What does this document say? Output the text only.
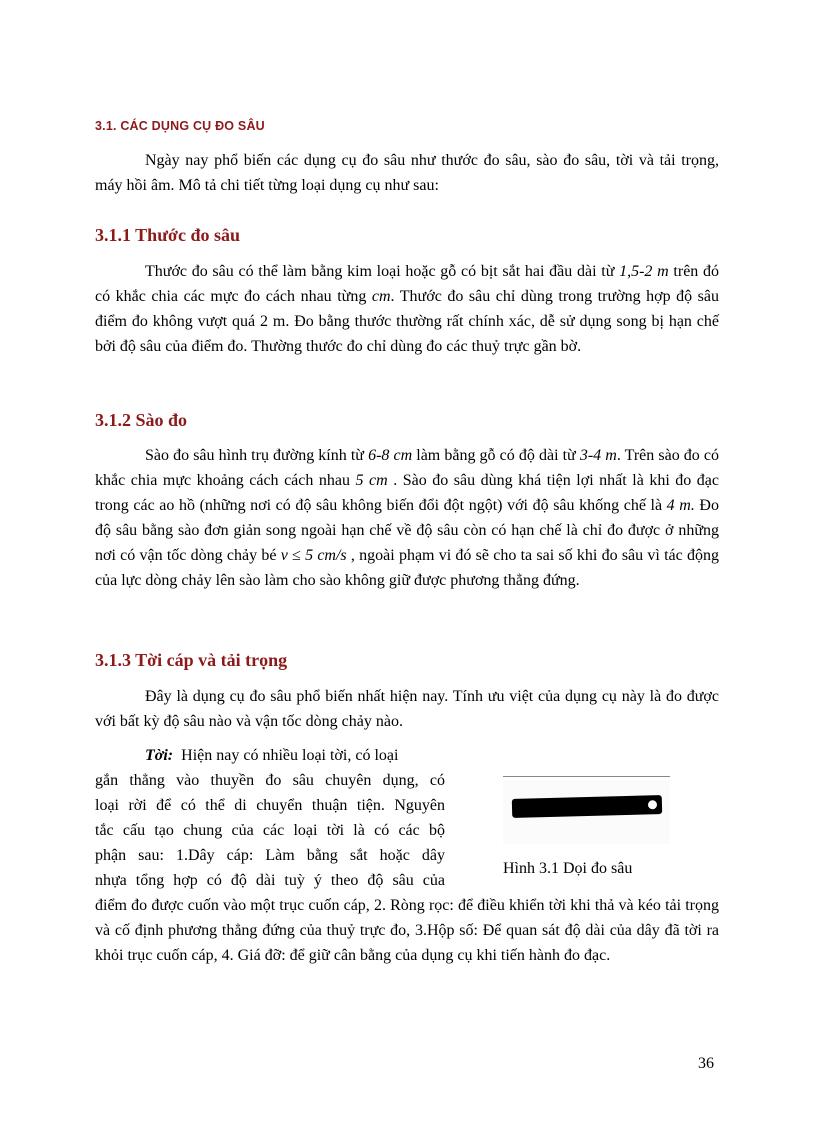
3.1. CÁC DỤNG CỤ ĐO SÂU

Ngày nay phổ biến các dụng cụ đo sâu như thước đo sâu, sào đo sâu, tời và tải trọng, máy hồi âm. Mô tả chi tiết từng loại dụng cụ như sau:

3.1.1 Thước đo sâu

Thước đo sâu có thể làm bằng kim loại hoặc gỗ có bịt sắt hai đầu dài từ 1,5-2 m trên đó có khắc chia các mực đo cách nhau từng cm. Thước đo sâu chỉ dùng trong trường hợp độ sâu điểm đo không vượt quá 2 m. Đo bằng thước thường rất chính xác, dễ sử dụng song bị hạn chế bởi độ sâu của điểm đo. Thường thước đo chỉ dùng đo các thuỷ trực gần bờ.

3.1.2 Sào đo

Sào đo sâu hình trụ đường kính từ 6-8 cm làm bằng gỗ có độ dài từ 3-4 m. Trên sào đo có khắc chia mực khoảng cách cách nhau 5 cm . Sào đo sâu dùng khá tiện lợi nhất là khi đo đạc trong các ao hồ (những nơi có độ sâu không biến đổi đột ngột) với độ sâu khống chế là 4 m. Đo độ sâu bằng sào đơn giản song ngoài hạn chế về độ sâu còn có hạn chế là chỉ đo được ở những nơi có vận tốc dòng chảy bé v ≤ 5 cm/s , ngoài phạm vi đó sẽ cho ta sai số khi đo sâu vì tác động của lực dòng chảy lên sào làm cho sào không giữ được phương thẳng đứng.

3.1.3 Tời cáp và tải trọng

Đây là dụng cụ đo sâu phổ biến nhất hiện nay. Tính ưu việt của dụng cụ này là đo được với bất kỳ độ sâu nào và vận tốc dòng chảy nào.

Tời: Hiện nay có nhiều loại tời, có loại
gắn thẳng vào thuyền đo sâu chuyên dụng, có
loại rời để có thể di chuyển thuận tiện. Nguyên
tắc cấu tạo chung của các loại tời là có các bộ
phận sau: 1.Dây cáp: Làm bằng sắt hoặc dây
nhựa tổng hợp có độ dài tuỳ ý theo độ sâu của

điểm đo được cuốn vào một trục cuốn cáp, 2. Ròng rọc: để điều khiển tời khi thả và kéo tải trọng và cố định phương thẳng đứng của thuỷ trực đo, 3.Hộp số: Để quan sát độ dài của dây đã tời ra khỏi trục cuốn cáp, 4. Giá đỡ: để giữ cân bằng của dụng cụ khi tiến hành đo đạc.

Hình 3.1 Dọi đo sâu
36
